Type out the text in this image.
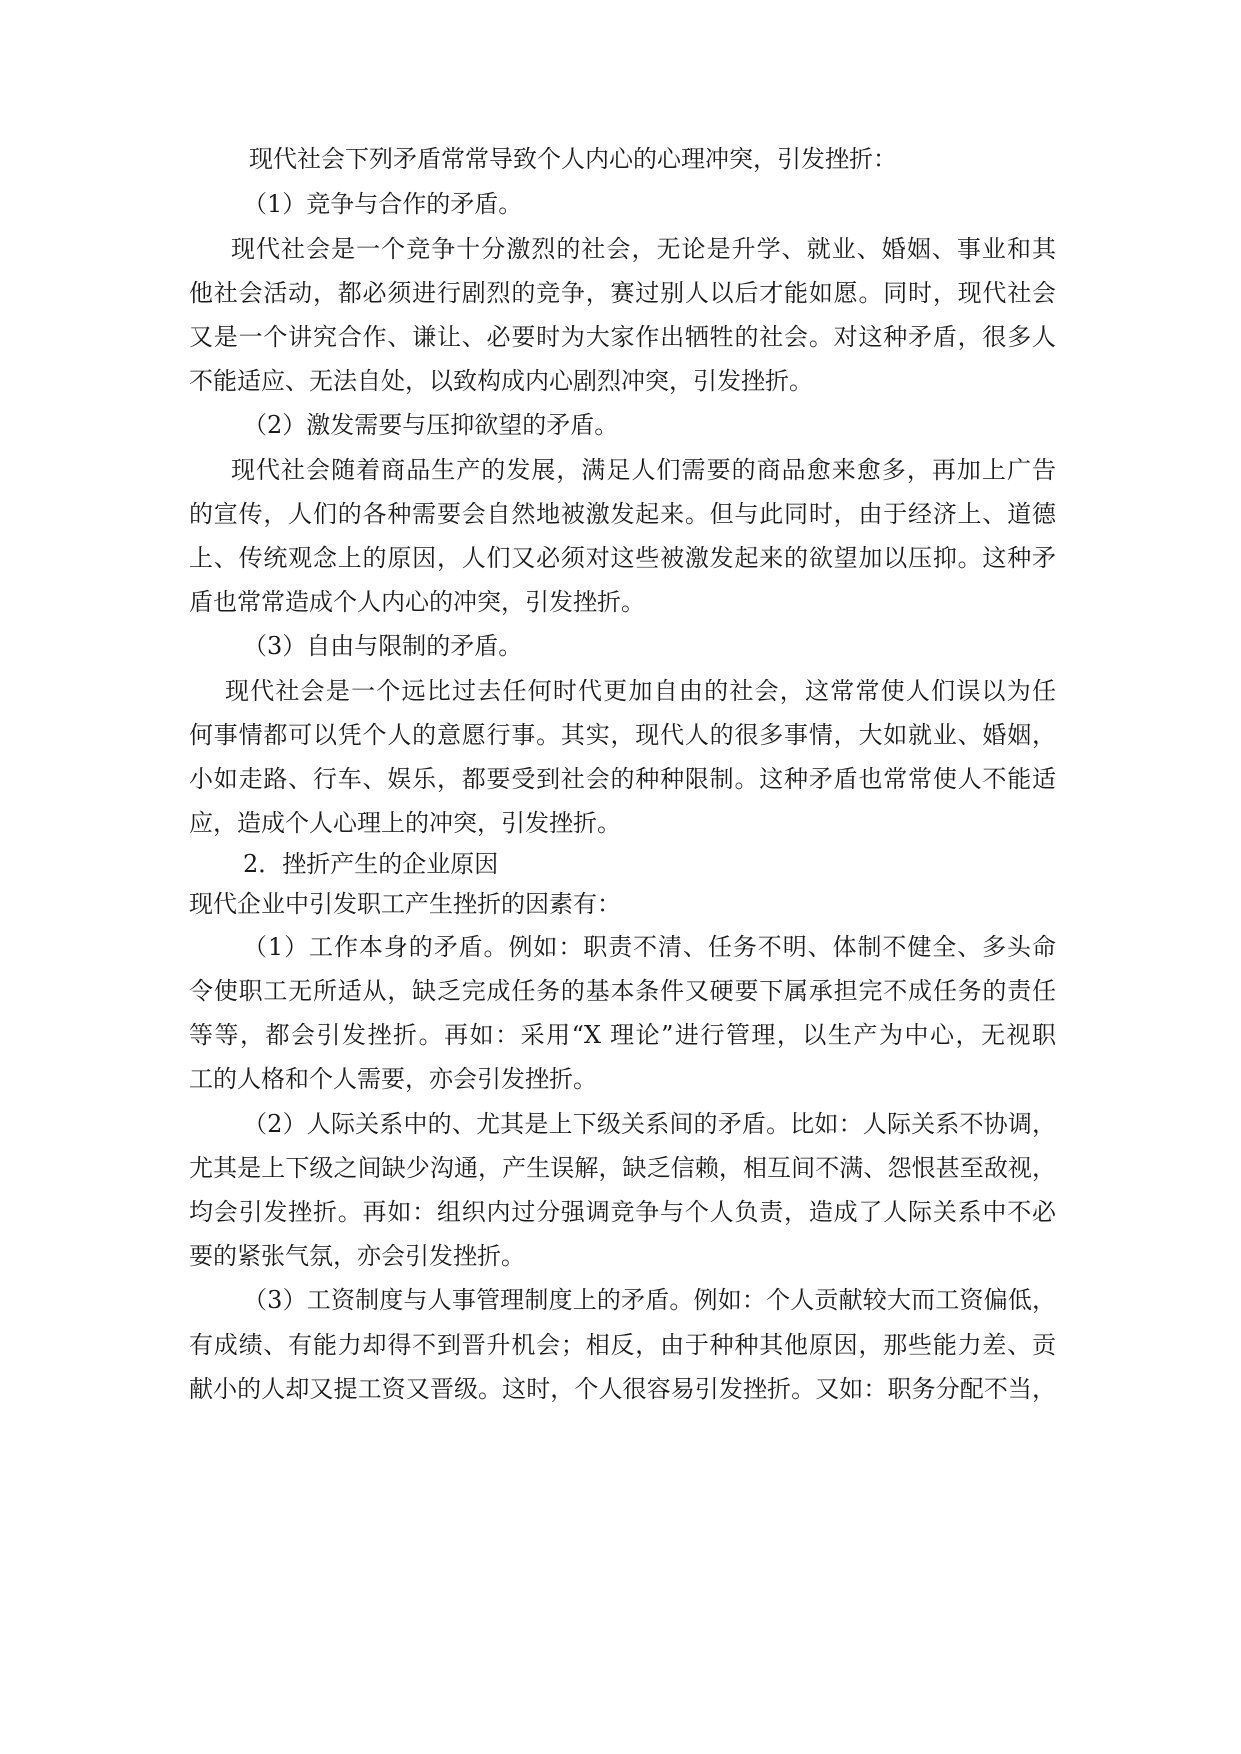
现代社会下列矛盾常常导致个人内心的心理冲突，引发挫折：
（1）竞争与合作的矛盾。
现代社会是一个竞争十分激烈的社会，无论是升学、就业、婚姻、事业和其
他社会活动，都必须进行剧烈的竞争，赛过别人以后才能如愿。同时，现代社会
又是一个讲究合作、谦让、必要时为大家作出牺牲的社会。对这种矛盾，很多人
不能适应、无法自处，以致构成内心剧烈冲突，引发挫折。
（2）激发需要与压抑欲望的矛盾。
现代社会随着商品生产的发展，满足人们需要的商品愈来愈多，再加上广告
的宣传，人们的各种需要会自然地被激发起来。但与此同时，由于经济上、道德
上、传统观念上的原因，人们又必须对这些被激发起来的欲望加以压抑。这种矛
盾也常常造成个人内心的冲突，引发挫折。
（3）自由与限制的矛盾。
现代社会是一个远比过去任何时代更加自由的社会，这常常使人们误以为任
何事情都可以凭个人的意愿行事。其实，现代人的很多事情，大如就业、婚姻，
小如走路、行车、娱乐，都要受到社会的种种限制。这种矛盾也常常使人不能适
应，造成个人心理上的冲突，引发挫折。
2．挫折产生的企业原因
现代企业中引发职工产生挫折的因素有：
（1）工作本身的矛盾。例如：职责不清、任务不明、体制不健全、多头命
令使职工无所适从，缺乏完成任务的基本条件又硬要下属承担完不成任务的责任
等等，都会引发挫折。再如：采用“X 理论”进行管理，以生产为中心，无视职
工的人格和个人需要，亦会引发挫折。
（2）人际关系中的、尤其是上下级关系间的矛盾。比如：人际关系不协调，
尤其是上下级之间缺少沟通，产生误解，缺乏信赖，相互间不满、怨恨甚至敌视，
均会引发挫折。再如：组织内过分强调竞争与个人负责，造成了人际关系中不必
要的紧张气氛，亦会引发挫折。
（3）工资制度与人事管理制度上的矛盾。例如：个人贡献较大而工资偏低，
有成绩、有能力却得不到晋升机会；相反，由于种种其他原因，那些能力差、贡
献小的人却又提工资又晋级。这时，个人很容易引发挫折。又如：职务分配不当，
